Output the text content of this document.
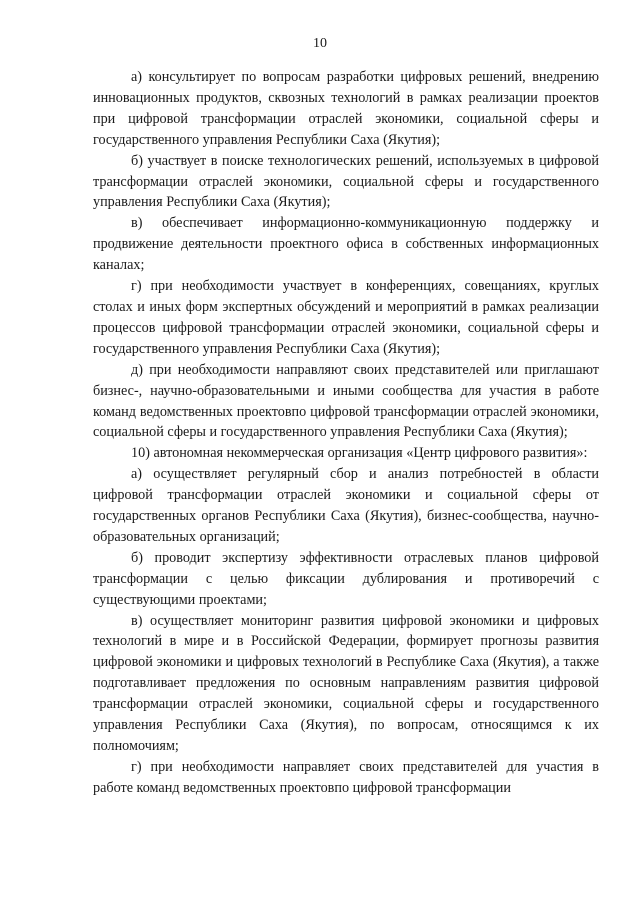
10

а) консультирует по вопросам разработки цифровых решений, внедрению инновационных продуктов, сквозных технологий в рамках реализации проектов при цифровой трансформации отраслей экономики, социальной сферы и государственного управления Республики Саха (Якутия);

б) участвует в поиске технологических решений, используемых в цифровой трансформации отраслей экономики, социальной сферы и государственного управления Республики Саха (Якутия);

в) обеспечивает информационно-коммуникационную поддержку и продвижение деятельности проектного офиса в собственных информационных каналах;

г) при необходимости участвует в конференциях, совещаниях, круглых столах и иных форм экспертных обсуждений и мероприятий в рамках реализации процессов цифровой трансформации отраслей экономики, социальной сферы и государственного управления Республики Саха (Якутия);

д) при необходимости направляют своих представителей или приглашают бизнес-, научно-образовательными и иными сообщества для участия в работе команд ведомственных проектовпо цифровой трансформации отраслей экономики, социальной сферы и государственного управления Республики Саха (Якутия);

10) автономная некоммерческая организация «Центр цифрового развития»:

а) осуществляет регулярный сбор и анализ потребностей в области цифровой трансформации отраслей экономики и социальной сферы от государственных органов Республики Саха (Якутия), бизнес-сообщества, научно-образовательных организаций;

б) проводит экспертизу эффективности отраслевых планов цифровой трансформации с целью фиксации дублирования и противоречий с существующими проектами;

в) осуществляет мониторинг развития цифровой экономики и цифровых технологий в мире и в Российской Федерации, формирует прогнозы развития цифровой экономики и цифровых технологий в Республике Саха (Якутия), а также подготавливает предложения по основным направлениям развития цифровой трансформации отраслей экономики, социальной сферы и государственного управления Республики Саха (Якутия), по вопросам, относящимся к их полномочиям;

г) при необходимости направляет своих представителей для участия в работе команд ведомственных проектовпо цифровой трансформации
